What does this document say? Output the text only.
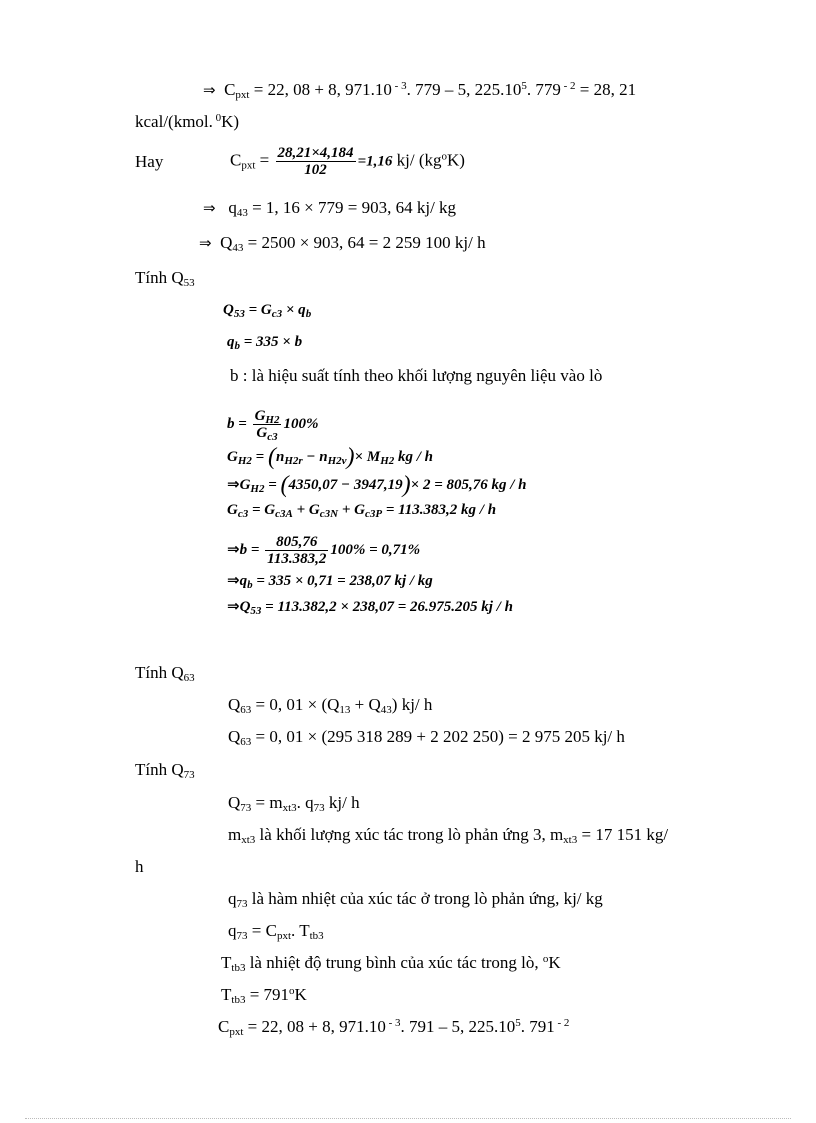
⇒ $C_{pxt} = 22$, 08 + 8, 971.10 $^{- 3}$. 779 – 5, 225.10$^5$. 779 $^{- 2}$ = 28, 21
kcal/(kmol. $^0$K)
Hay	$C_{pxt} = \frac{28,21\times 4,184}{102} =1,16$ kj/ $(kg^oK)$
⇒ $q_{43} = 1$, 16 × 779 = 903, 64 kj/ kg
⇒ $Q_{43} = 2500 \times 903$, 64 = 2 259 100 kj/ h
Tính $Q_{53}$
$Q_{53} = G_{c3} \times q_b$
$q_b = 335 \times b$
b : là hiệu suất tính theo khối lượng nguyên liệu vào lò
$b = \frac{G_{H2}}{G_{c3}} 100\%$
$G_{H2} = (n_{H2r} - n_{H2v})\times M_{H2}$ kg / h
$\Rightarrow G_{H2} = (4350,07 - 3947,19)\times 2 = 805,76$ kg / h
$G_{c3} = G_{c3A} + G_{c3N} + G_{c3P} = 113.383,2$ kg / h
⇒b = $\frac{805,76}{113.383,2} 100\% = 0,71\%$
$\Rightarrow q_b = 335 \times 0,71 = 238,07$ kj / kg
$\Rightarrow Q_{53} = 113.382,2 \times 238,07 = 26.975.205$ kj / h
Tính $Q_{63}$
$Q_{63} = 0$, $01 \times (Q_{13} + Q_{43})$ kj/ h
$Q_{63} = 0$, 01 × (295 318 289 + 2 202 250) = 2 975 205 kj/ h
Tính $Q_{73}$
$Q_{73} = m_{xt3}$. $q_{73}$ kj/ h
$m_{xt3}$ là khối lượng xúc tác trong lò phản ứng 3, $m_{xt3} = 17$ 151 kg/
h
$q_{73}$ là hàm nhiệt của xúc tác ở trong lò phản ứng, kj/ kg
$q_{73} = C_{pxt}$. $T_{tb3}$
$T_{tb3}$ là nhiệt độ trung bình của xúc tác trong lò, $^o$K
$T_{tb3} = 791^oK$
$C_{pxt} = 22$, 08 + 8, 971.10 $^{- 3}$. 791 – 5, 225.10$^5$. 791 $^{- 2}$
